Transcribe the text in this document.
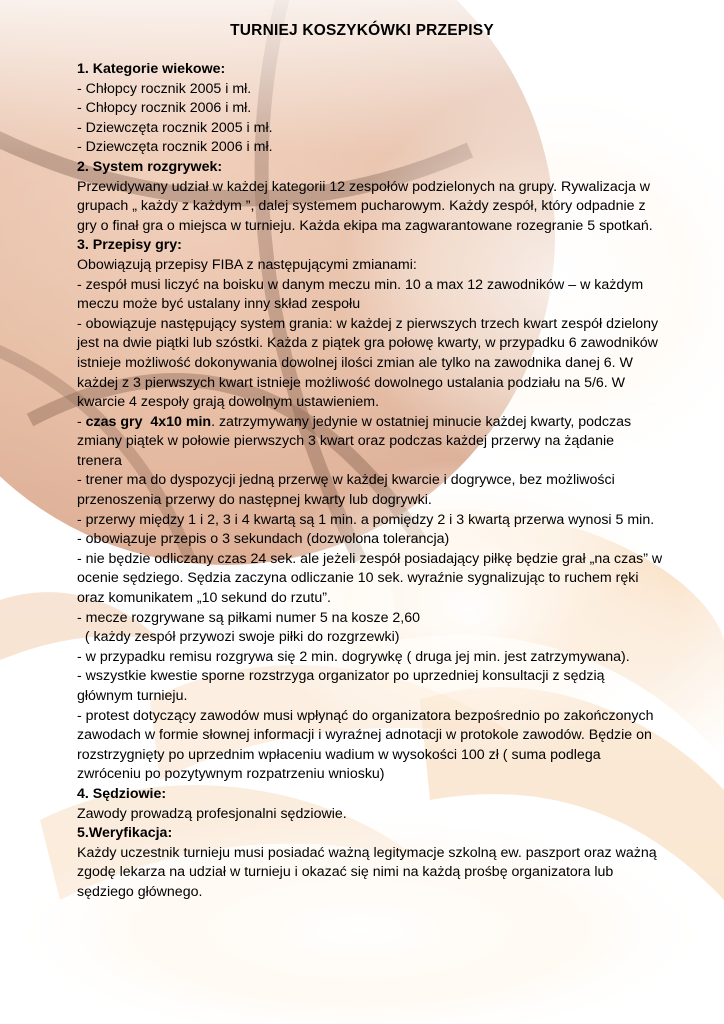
TURNIEJ KOSZYKÓWKI PRZEPISY
1. Kategorie wiekowe:
- Chłopcy rocznik 2005 i mł.
- Chłopcy rocznik 2006 i mł.
- Dziewczęta rocznik 2005 i mł.
- Dziewczęta rocznik 2006 i mł.
2. System rozgrywek:
Przewidywany udział w każdej kategorii 12 zespołów podzielonych na grupy. Rywalizacja w
grupach „ każdy z każdym ”, dalej systemem pucharowym. Każdy zespół, który odpadnie z
gry o finał gra o miejsca w turnieju. Każda ekipa ma zagwarantowane rozegranie 5 spotkań.
3. Przepisy gry:
Obowiązują przepisy FIBA z następującymi zmianami:
- zespół musi liczyć na boisku w danym meczu min. 10 a max 12 zawodników – w każdym
meczu może być ustalany inny skład zespołu
- obowiązuje następujący system grania: w każdej z pierwszych trzech kwart zespół dzielony
jest na dwie piątki lub szóstki. Każda z piątek gra połowę kwarty, w przypadku 6 zawodników
istnieje możliwość dokonywania dowolnej ilości zmian ale tylko na zawodnika danej 6. W
każdej z 3 pierwszych kwart istnieje możliwość dowolnego ustalania podziału na 5/6. W
kwarcie 4 zespoły grają dowolnym ustawieniem.
- czas gry  4x10 min. zatrzymywany jedynie w ostatniej minucie każdej kwarty, podczas
zmiany piątek w połowie pierwszych 3 kwart oraz podczas każdej przerwy na żądanie
trenera
- trener ma do dyspozycji jedną przerwę w każdej kwarcie i dogrywce, bez możliwości
przenoszenia przerwy do następnej kwarty lub dogrywki.
- przerwy między 1 i 2, 3 i 4 kwartą są 1 min. a pomiędzy 2 i 3 kwartą przerwa wynosi 5 min.
- obowiązuje przepis o 3 sekundach (dozwolona tolerancja)
- nie będzie odliczany czas 24 sek. ale jeżeli zespół posiadający piłkę będzie grał „na czas” w
ocenie sędziego. Sędzia zaczyna odliczanie 10 sek. wyraźnie sygnalizując to ruchem ręki
oraz komunikatem „10 sekund do rzutu”.
- mecze rozgrywane są piłkami numer 5 na kosze 2,60
( każdy zespół przywozi swoje piłki do rozgrzewki)
- w przypadku remisu rozgrywa się 2 min. dogrywkę ( druga jej min. jest zatrzymywana).
- wszystkie kwestie sporne rozstrzyga organizator po uprzedniej konsultacji z sędzią
głównym turnieju.
- protest dotyczący zawodów musi wpłynąć do organizatora bezpośrednio po zakończonych
zawodach w formie słownej informacji i wyraźnej adnotacji w protokole zawodów. Będzie on
rozstrzygnięty po uprzednim wpłaceniu wadium w wysokości 100 zł ( suma podlega
zwróceniu po pozytywnym rozpatrzeniu wniosku)
4. Sędziowie:
Zawody prowadzą profesjonalni sędziowie.
5.Weryfikacja:
Każdy uczestnik turnieju musi posiadać ważną legitymacje szkolną ew. paszport oraz ważną
zgodę lekarza na udział w turnieju i okazać się nimi na każdą prośbę organizatora lub
sędziego głównego.
